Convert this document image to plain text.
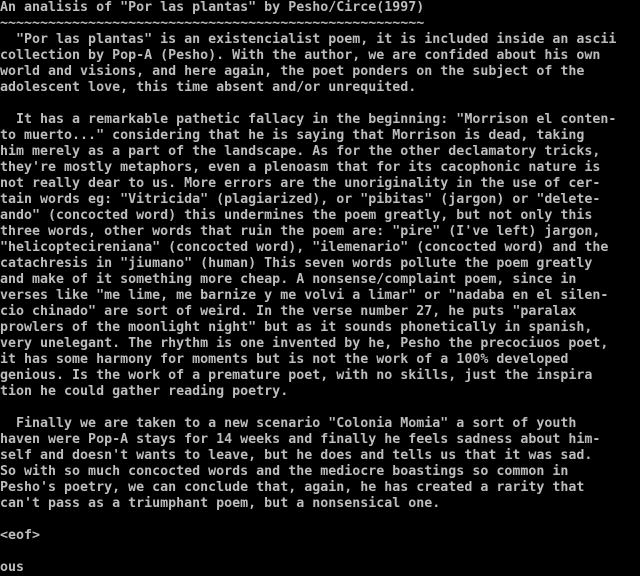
An analisis of "Por las plantas" by Pesho/Circe(1997)
~~~~~~~~~~~~~~~~~~~~~~~~~~~~~~~~~~~~~~~~~~~~~~~~~~~~~
"Por las plantas" is an existencialist poem, it is included inside an ascii
collection by Pop-A (Pesho). With the author, we are confided about his own
world and visions, and here again, the poet ponders on the subject of the
adolescent love, this time absent and/or unrequited.
It has a remarkable pathetic fallacy in the beginning: "Morrison el conten-
to muerto..." considering that he is saying that Morrison is dead, taking
him merely as a part of the landscape. As for the other declamatory tricks,
they're mostly metaphors, even a plenoasm that for its cacophonic nature is
not really dear to us. More errors are the unoriginality in the use of cer-
tain words eg: "Vitricida" (plagiarized), or "pibitas" (jargon) or "delete-
ando" (concocted word) this undermines the poem greatly, but not only this
three words, other words that ruin the poem are: "pire" (I've left) jargon,
"helicoptecireniana" (concocted word), "ilemenario" (concocted word) and the
catachresis in "jiumano" (human) This seven words pollute the poem greatly
and make of it something more cheap. A nonsense/complaint poem, since in
verses like "me lime, me barnize y me volvi a limar" or "nadaba en el silen-
cio chinado" are sort of weird. In the verse number 27, he puts "paralax
prowlers of the moonlight night" but as it sounds phonetically in spanish,
very unelegant. The rhythm is one invented by he, Pesho the precociuos poet,
it has some harmony for moments but is not the work of a 100% developed
genious. Is the work of a premature poet, with no skills, just the inspira
tion he could gather reading poetry.
Finally we are taken to a new scenario "Colonia Momia" a sort of youth
haven were Pop-A stays for 14 weeks and finally he feels sadness about him-
self and doesn't wants to leave, but he does and tells us that it was sad.
So with so much concocted words and the mediocre boastings so common in
Pesho's poetry, we can conclude that, again, he has created a rarity that
can't pass as a triumphant poem, but a nonsensical one.
<eof>
ous
